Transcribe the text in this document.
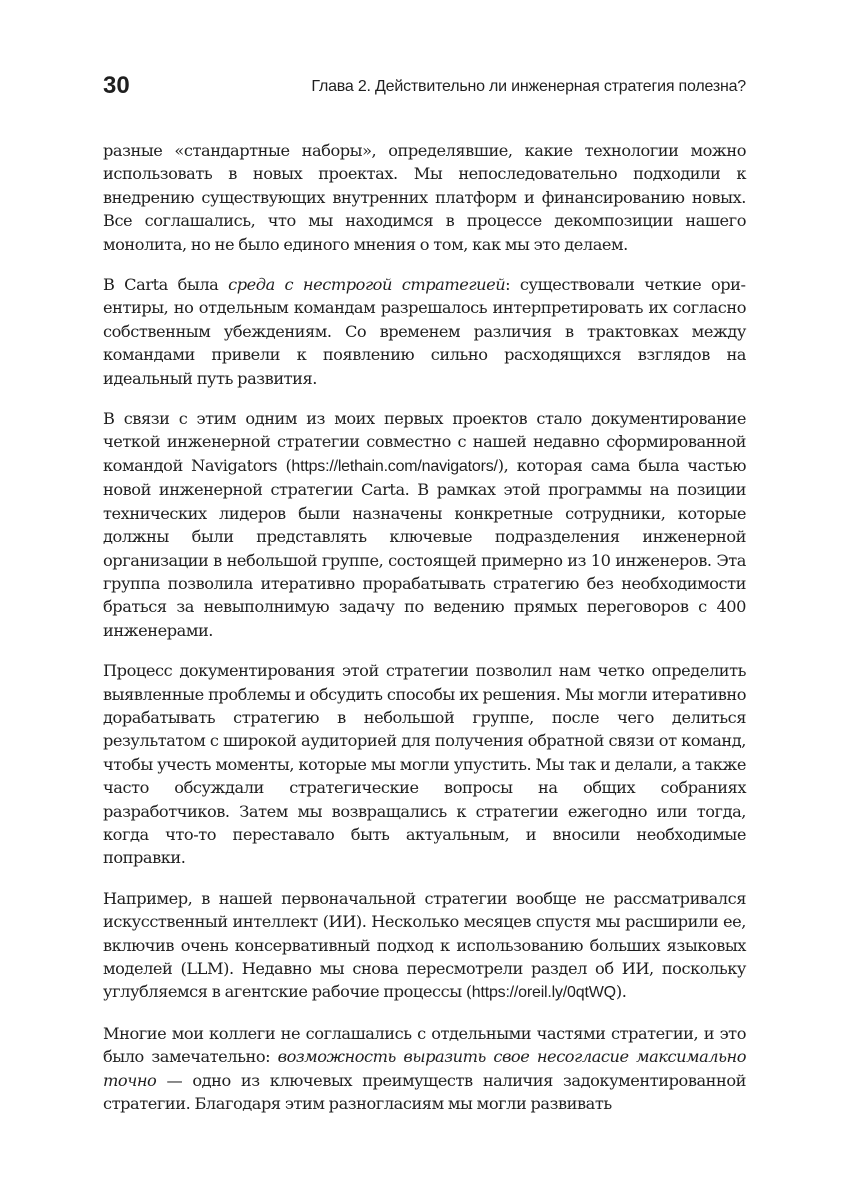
30	Глава 2. Действительно ли инженерная стратегия полезна?

разные «стандартные наборы», определявшие, какие технологии можно использовать в новых проектах. Мы непоследовательно подходили к внедрению существующих внутренних платформ и финансированию новых. Все соглашались, что мы находимся в процессе декомпозиции нашего монолита, но не было единого мнения о том, как мы это делаем.

В Carta была среда с нестрогой стратегией: существовали четкие ориентиры, но отдельным командам разрешалось интерпретировать их согласно собственным убеждениям. Со временем различия в трактовках между командами привели к появлению сильно расходящихся взглядов на идеальный путь развития.

В связи с этим одним из моих первых проектов стало документирование четкой инженерной стратегии совместно с нашей недавно сформированной командой Navigators (https://lethain.com/navigators/), которая сама была частью новой инженерной стратегии Carta. В рамках этой программы на позиции технических лидеров были назначены конкретные сотрудники, которые должны были представлять ключевые подразделения инженерной организации в небольшой группе, состоящей примерно из 10 инженеров. Эта группа позволила итеративно прорабатывать стратегию без необходимости браться за невыполнимую задачу по ведению прямых переговоров с 400 инженерами.

Процесс документирования этой стратегии позволил нам четко определить выявленные проблемы и обсудить способы их решения. Мы могли итеративно дорабатывать стратегию в небольшой группе, после чего делиться результатом с широкой аудиторией для получения обратной связи от команд, чтобы учесть моменты, которые мы могли упустить. Мы так и делали, а также часто обсуждали стратегические вопросы на общих собраниях разработчиков. Затем мы возвращались к стратегии ежегодно или тогда, когда что-то переставало быть актуальным, и вносили необходимые поправки.

Например, в нашей первоначальной стратегии вообще не рассматривался искусственный интеллект (ИИ). Несколько месяцев спустя мы расширили ее, включив очень консервативный подход к использованию больших языковых моделей (LLM). Недавно мы снова пересмотрели раздел об ИИ, поскольку углубляемся в агентские рабочие процессы (https://oreil.ly/0qtWQ).

Многие мои коллеги не соглашались с отдельными частями стратегии, и это было замечательно: возможность выразить свое несогласие максимально точно — одно из ключевых преимуществ наличия задокументированной стратегии. Благодаря этим разногласиям мы могли развивать
